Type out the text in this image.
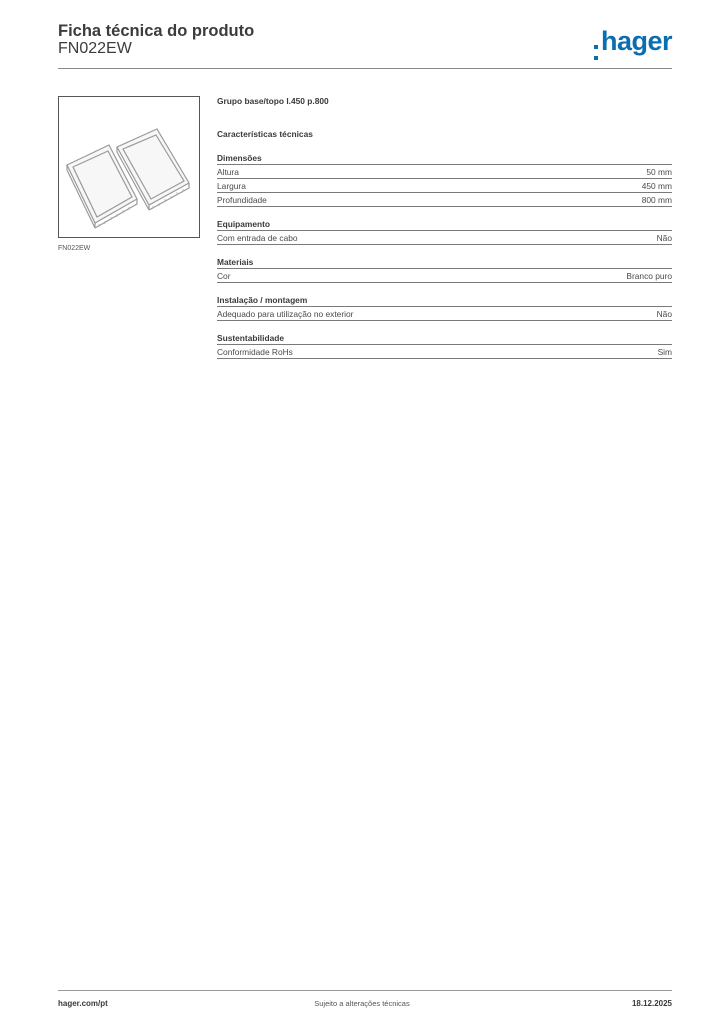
Ficha técnica do produto
FN022EW	hager
FN022EW
Grupo base/topo l.450 p.800
Características técnicas
Dimensões
Altura	50 mm
Largura	450 mm
Profundidade	800 mm
Equipamento
Com entrada de cabo	Não
Materiais
Cor	Branco puro
Instalação / montagem
Adequado para utilização no exterior	Não
Sustentabilidade
Conformidade RoHs	Sim
hager.com/pt	Sujeito a alterações técnicas	18.12.2025
